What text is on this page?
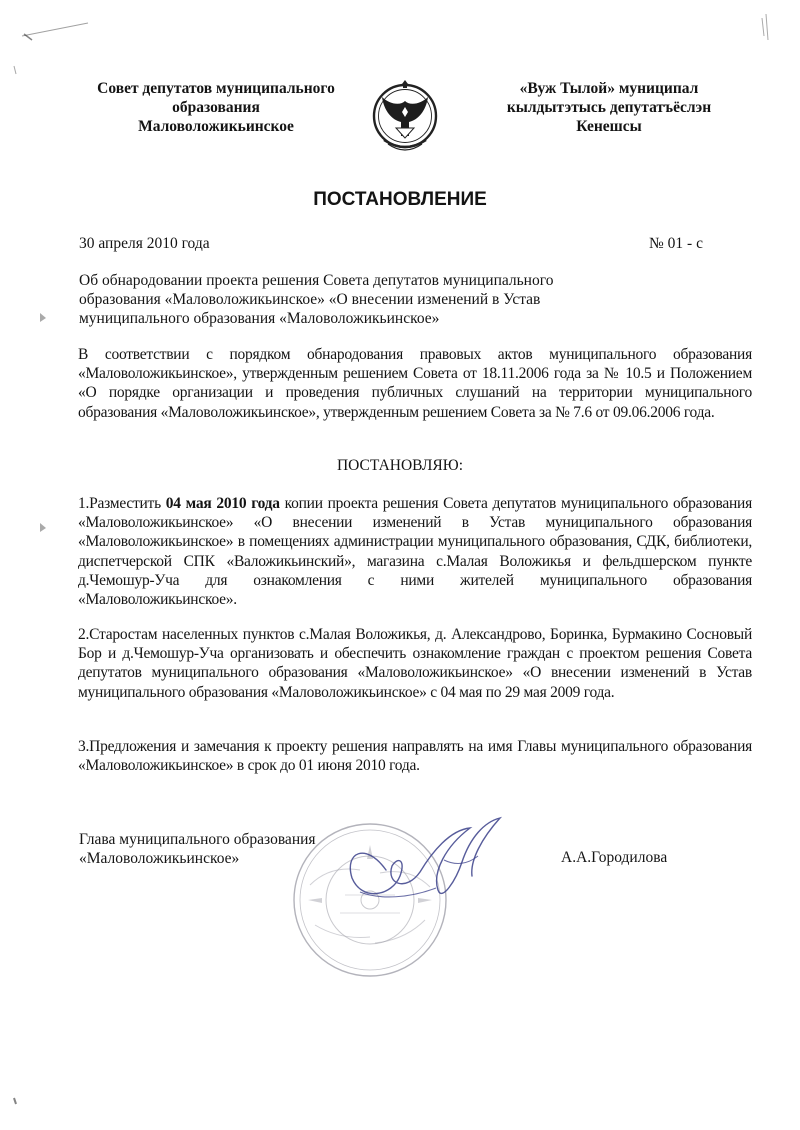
Совет депутатов муниципального
образования
Маловоложикьинское
«Вуж Тылой» муниципал
кылдытэтысь депутатъёслэн
Кенешсы
ПОСТАНОВЛЕНИЕ
30 апреля 2010 года	№ 01 - с
Об обнародовании проекта решения Совета депутатов муниципального
образования «Маловоложикьинское» «О внесении изменений в Устав
муниципального образования «Маловоложикьинское»
В соответствии с порядком обнародования правовых актов муниципального образования «Маловоложикьинское», утвержденным решением Совета от 18.11.2006 года за № 10.5 и Положением «О порядке организации и проведения публичных слушаний на территории муниципального образования «Маловоложикьинское», утвержденным решением Совета за № 7.6 от 09.06.2006 года.
ПОСТАНОВЛЯЮ:
1.Разместить 04 мая 2010 года копии проекта решения Совета депутатов муниципального образования «Маловоложикьинское» «О внесении изменений в Устав муниципального образования «Маловоложикьинское» в помещениях администрации муниципального образования, СДК, библиотеки, диспетчерской СПК «Валожикьинский», магазина с.Малая Воложикья и фельдшерском пункте д.Чемошур-Уча для ознакомления с ними жителей муниципального образования «Маловоложикьинское».
2.Старостам населенных пунктов с.Малая Воложикья, д. Александрово, Боринка, Бурмакино Сосновый Бор и д.Чемошур-Уча организовать и обеспечить ознакомление граждан с проектом решения Совета депутатов муниципального образования «Маловоложикьинское» «О внесении изменений в Устав муниципального образования «Маловоложикьинское» с 04 мая по 29 мая 2009 года.
3.Предложения и замечания к проекту решения направлять на имя Главы муниципального образования «Маловоложикьинское» в срок до 01 июня 2010 года.
Глава муниципального образования
«Маловоложикьинское»	А.А.Городилова
